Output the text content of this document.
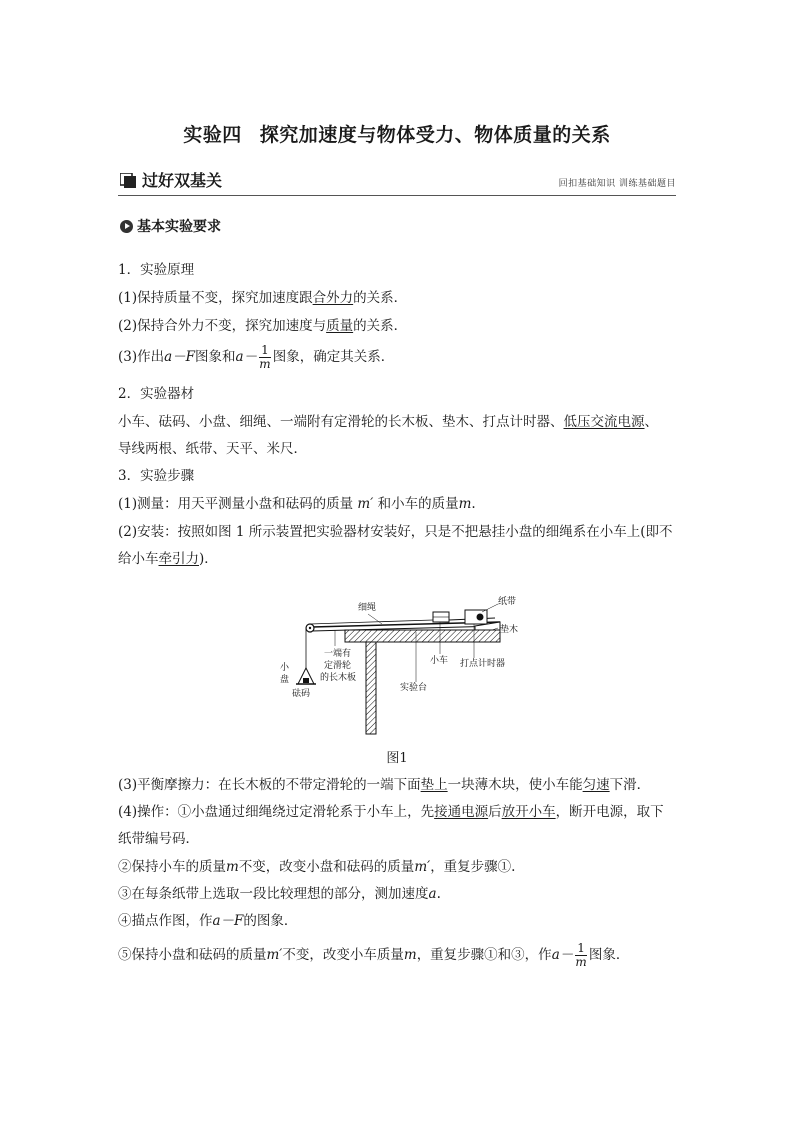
实验四 探究加速度与物体受力、物体质量的关系
过好双基关	回扣基础知识 训练基础题目
基本实验要求
1．实验原理
(1)保持质量不变，探究加速度跟合外力的关系．
(2)保持合外力不变，探究加速度与质量的关系．
(3)作出a－F图象和$a- \frac{1}{m}$ 图象，确定其关系．
2．实验器材
小车、砝码、小盘、细绳、一端附有定滑轮的长木板、垫木、打点计时器、低压交流电源、
导线两根、纸带、天平、米尺．
3．实验步骤
(1)测量：用天平测量小盘和砝码的质量 m′ 和小车的质量m.
(2)安装：按照如图 1 所示装置把实验器材安装好，只是不把悬挂小盘的细绳系在小车上(即不
给小车牵引力)．
细绳
纸带
垫木
小
盘
砝码
一端有
定滑轮
的长木板
小车 打点计时器
实验台
图1
(3)平衡摩擦力：在长木板的不带定滑轮的一端下面垫上一块薄木块，使小车能匀速下滑．
(4)操作：①小盘通过细绳绕过定滑轮系于小车上，先接通电源后放开小车，断开电源，取下
纸带编号码．
②保持小车的质量m不变，改变小盘和砝码的质量m′，重复步骤①.
③在每条纸带上选取一段比较理想的部分，测加速度a.
④描点作图，作a－F的图象．
⑤保持小盘和砝码的质量m′不变，改变小车质量m，重复步骤①和③，作$a- \frac{1}{m}$ 图象．
